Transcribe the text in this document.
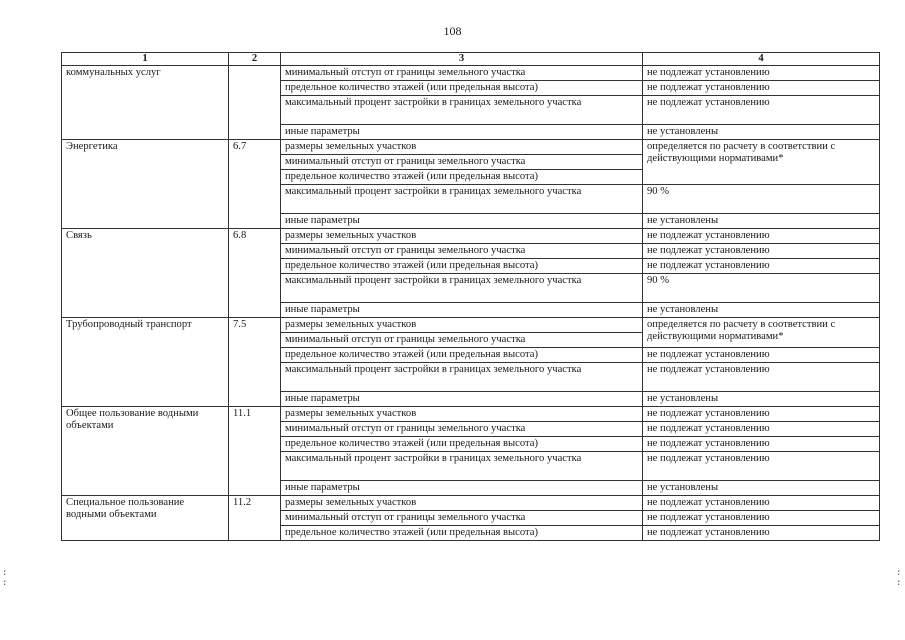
108
1	2	3	4
коммунальных услуг		минимальный отступ от границы земельного участка	не подлежат установлению
		предельное количество этажей (или предельная высота)	не подлежат установлению
		максимальный процент застройки в границах земельного участка	не подлежат установлению
		иные параметры	не установлены
Энергетика	6.7	размеры земельных участков	определяется по расчету в соответствии с действующими нормативами*
		минимальный отступ от границы земельного участка	
		предельное количество этажей (или предельная высота)	
		максимальный процент застройки в границах земельного участка	90 %
		иные параметры	не установлены
Связь	6.8	размеры земельных участков	не подлежат установлению
		минимальный отступ от границы земельного участка	не подлежат установлению
		предельное количество этажей (или предельная высота)	не подлежат установлению
		максимальный процент застройки в границах земельного участка	90 %
		иные параметры	не установлены
Трубопроводный транспорт	7.5	размеры земельных участков	определяется по расчету в соответствии с действующими нормативами*
		минимальный отступ от границы земельного участка	
		предельное количество этажей (или предельная высота)	не подлежат установлению
		максимальный процент застройки в границах земельного участка	не подлежат установлению
		иные параметры	не установлены
Общее пользование водными объектами	11.1	размеры земельных участков	не подлежат установлению
		минимальный отступ от границы земельного участка	не подлежат установлению
		предельное количество этажей (или предельная высота)	не подлежат установлению
		максимальный процент застройки в границах земельного участка	не подлежат установлению
		иные параметры	не установлены
Специальное пользование водными объектами	11.2	размеры земельных участков	не подлежат установлению
		минимальный отступ от границы земельного участка	не подлежат установлению
		предельное количество этажей (или предельная высота)	не подлежат установлению
:
:
:
:
